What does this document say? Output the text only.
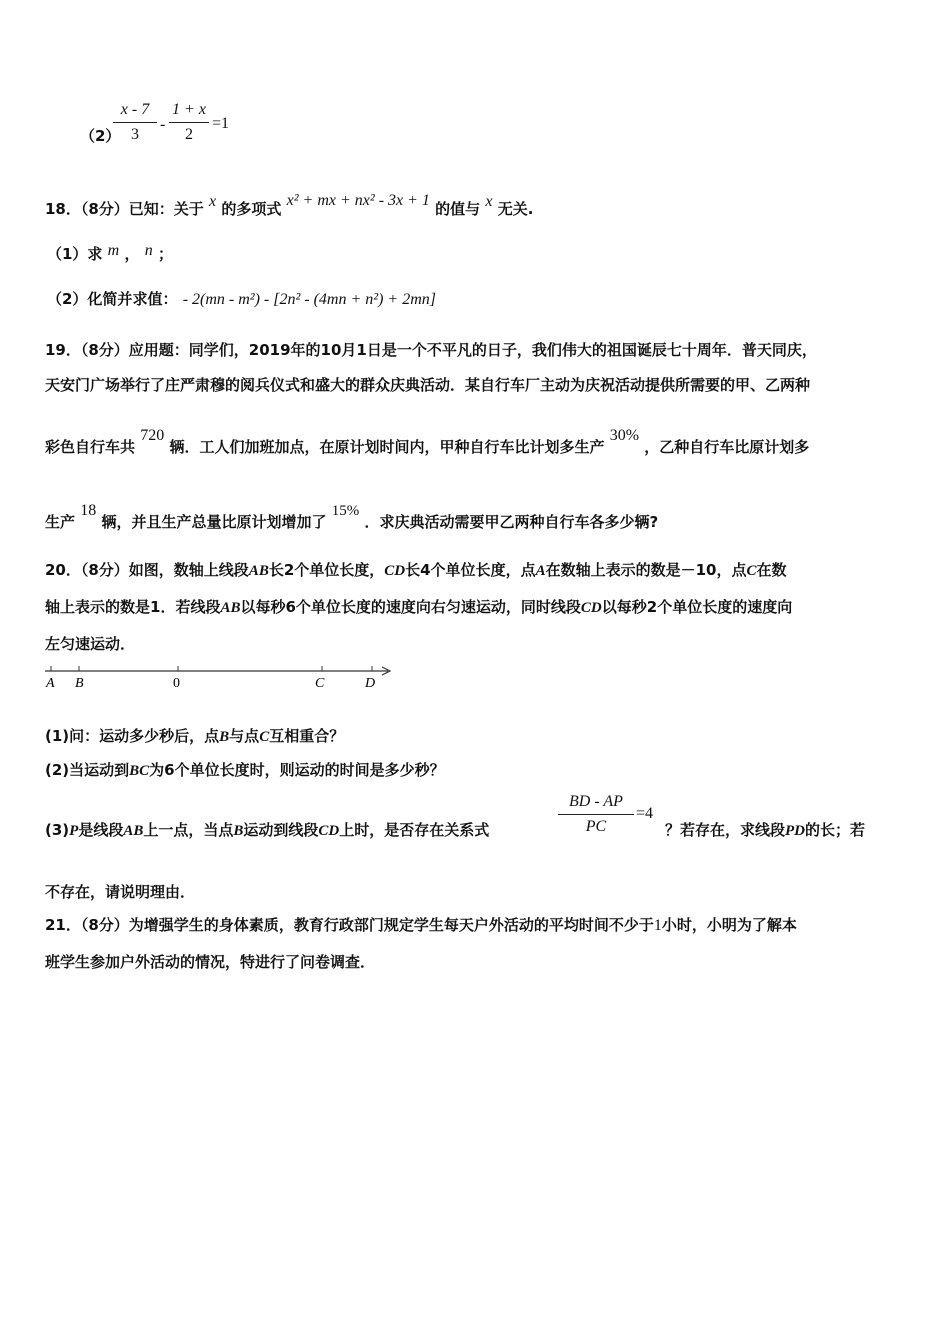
（2）
x - 7
3
-
1 + x
2
=1
18．（8分）已知：关于 x 的多项式 x² + mx + nx² - 3x + 1 的值与 x 无关.
（1）求 m ， n ；
（2）化简并求值： - 2(mn - m²) - [2n² - (4mn + n²) + 2mn]
19．（8分）应用题：同学们，2019年的10月1日是一个不平凡的日子，我们伟大的祖国诞辰七十周年．普天同庆，
天安门广场举行了庄严肃穆的阅兵仪式和盛大的群众庆典活动．某自行车厂主动为庆祝活动提供所需要的甲、乙两种
彩色自行车共 720 辆．工人们加班加点，在原计划时间内，甲种自行车比计划多生产 30% ，乙种自行车比原计划多
生产 18 辆，并且生产总量比原计划增加了 15% ．求庆典活动需要甲乙两种自行车各多少辆?
20．（8分）如图，数轴上线段AB长2个单位长度，CD长4个单位长度，点A在数轴上表示的数是－10，点C在数
轴上表示的数是1．若线段AB以每秒6个单位长度的速度向右匀速运动，同时线段CD以每秒2个单位长度的速度向
左匀速运动．
A B	0	C	D
(1)问：运动多少秒后，点B与点C互相重合？
(2)当运动到BC为6个单位长度时，则运动的时间是多少秒？
(3)P是线段AB上一点，当点B运动到线段CD上时，是否存在关系式
BD - AP
PC
=4
？若存在，求线段PD的长；若
不存在，请说明理由．
21．（8分）为增强学生的身体素质，教育行政部门规定学生每天户外活动的平均时间不少于1小时，小明为了解本
班学生参加户外活动的情况，特进行了问卷调查．
